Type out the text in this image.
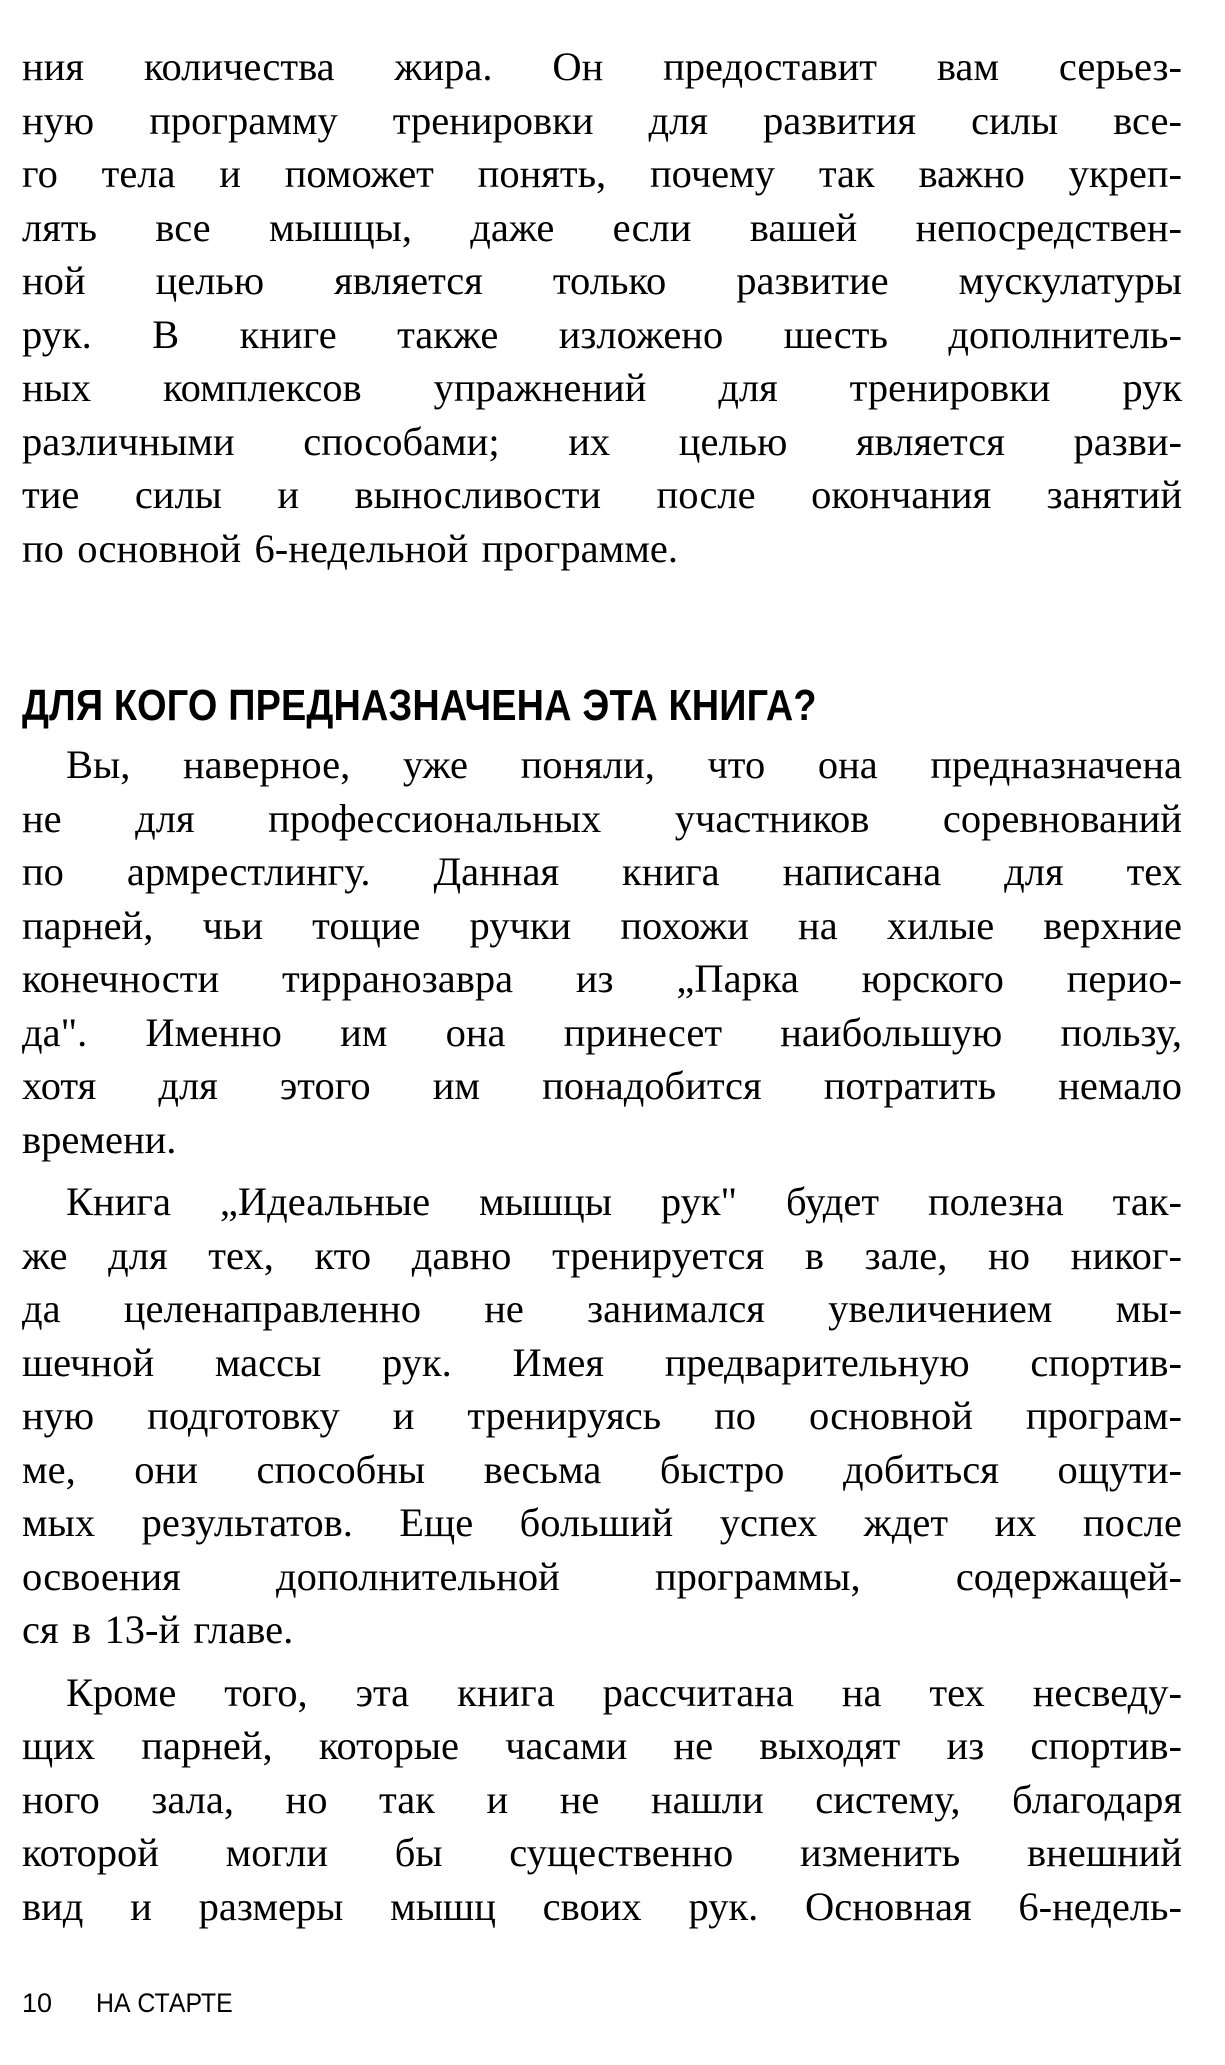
ния количества жира. Он предоставит вам серьез-
ную программу тренировки для развития силы все-
го тела и поможет понять, почему так важно укреп-
лять все мышцы, даже если вашей непосредствен-
ной целью является только развитие мускулатуры
рук. В книге также изложено шесть дополнитель-
ных комплексов упражнений для тренировки рук
различными способами; их целью является разви-
тие силы и выносливости после окончания занятий
по основной 6-недельной программе.
ДЛЯ КОГО ПРЕДНАЗНАЧЕНА ЭТА КНИГА?
Вы, наверное, уже поняли, что она предназначена
не для профессиональных участников соревнований
по армрестлингу. Данная книга написана для тех
парней, чьи тощие ручки похожи на хилые верхние
конечности тирранозавра из „Парка юрского перио-
да". Именно им она принесет наибольшую пользу,
хотя для этого им понадобится потратить немало
времени.
Книга „Идеальные мышцы рук" будет полезна так-
же для тех, кто давно тренируется в зале, но никог-
да целенаправленно не занимался увеличением мы-
шечной массы рук. Имея предварительную спортив-
ную подготовку и тренируясь по основной програм-
ме, они способны весьма быстро добиться ощути-
мых результатов. Еще больший успех ждет их после
освоения дополнительной программы, содержащей-
ся в 13-й главе.
Кроме того, эта книга рассчитана на тех несведу-
щих парней, которые часами не выходят из спортив-
ного зала, но так и не нашли систему, благодаря
которой могли бы существенно изменить внешний
вид и размеры мышц своих рук. Основная 6-недель-
10 НА СТАРТЕ
